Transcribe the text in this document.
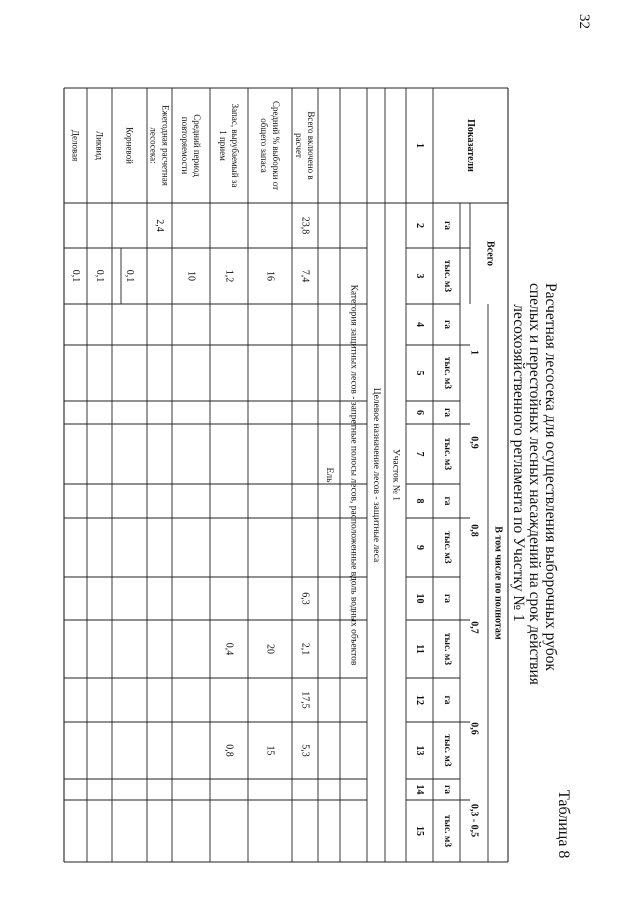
32
Таблица 8
Расчетная лесосека для осуществления выборочных рубок
спелых и перестойных лесных насаждений на срок действия
лесохозяйственного регламента по Участку № 1
Показатели
Всего
В том числе по полнотам
1
0,9
0,8
0,7
0,6
0,3 - 0,5
га
тыс. м3
га
тыс. м3
га
тыс. м3
га
тыс. м3
га
тыс. м3
га
тыс. м3
га
тыс. м3
1
2
3
4
5
6
7
8
9
10
11
12
13
14
15
Участок № 1
Целевое назначение лесов - защитные леса
Категория защитных лесов - запретные полосы лесов, расположенные вдоль водных объектов
Ель
Всего включено в
расчет
23,8
7,4
6,3
2,1
17,5
5,3
Средний % выборки от
общего запаса
16
20
15
Запас, вырубаемый за
1 прием
1,2
0,4
0,8
Средний период
повторяемости
10
Ежегодная расчетная
лесосека:
2,4
Корневой
0,1
Ликвид
0,1
Деловая
0,1
